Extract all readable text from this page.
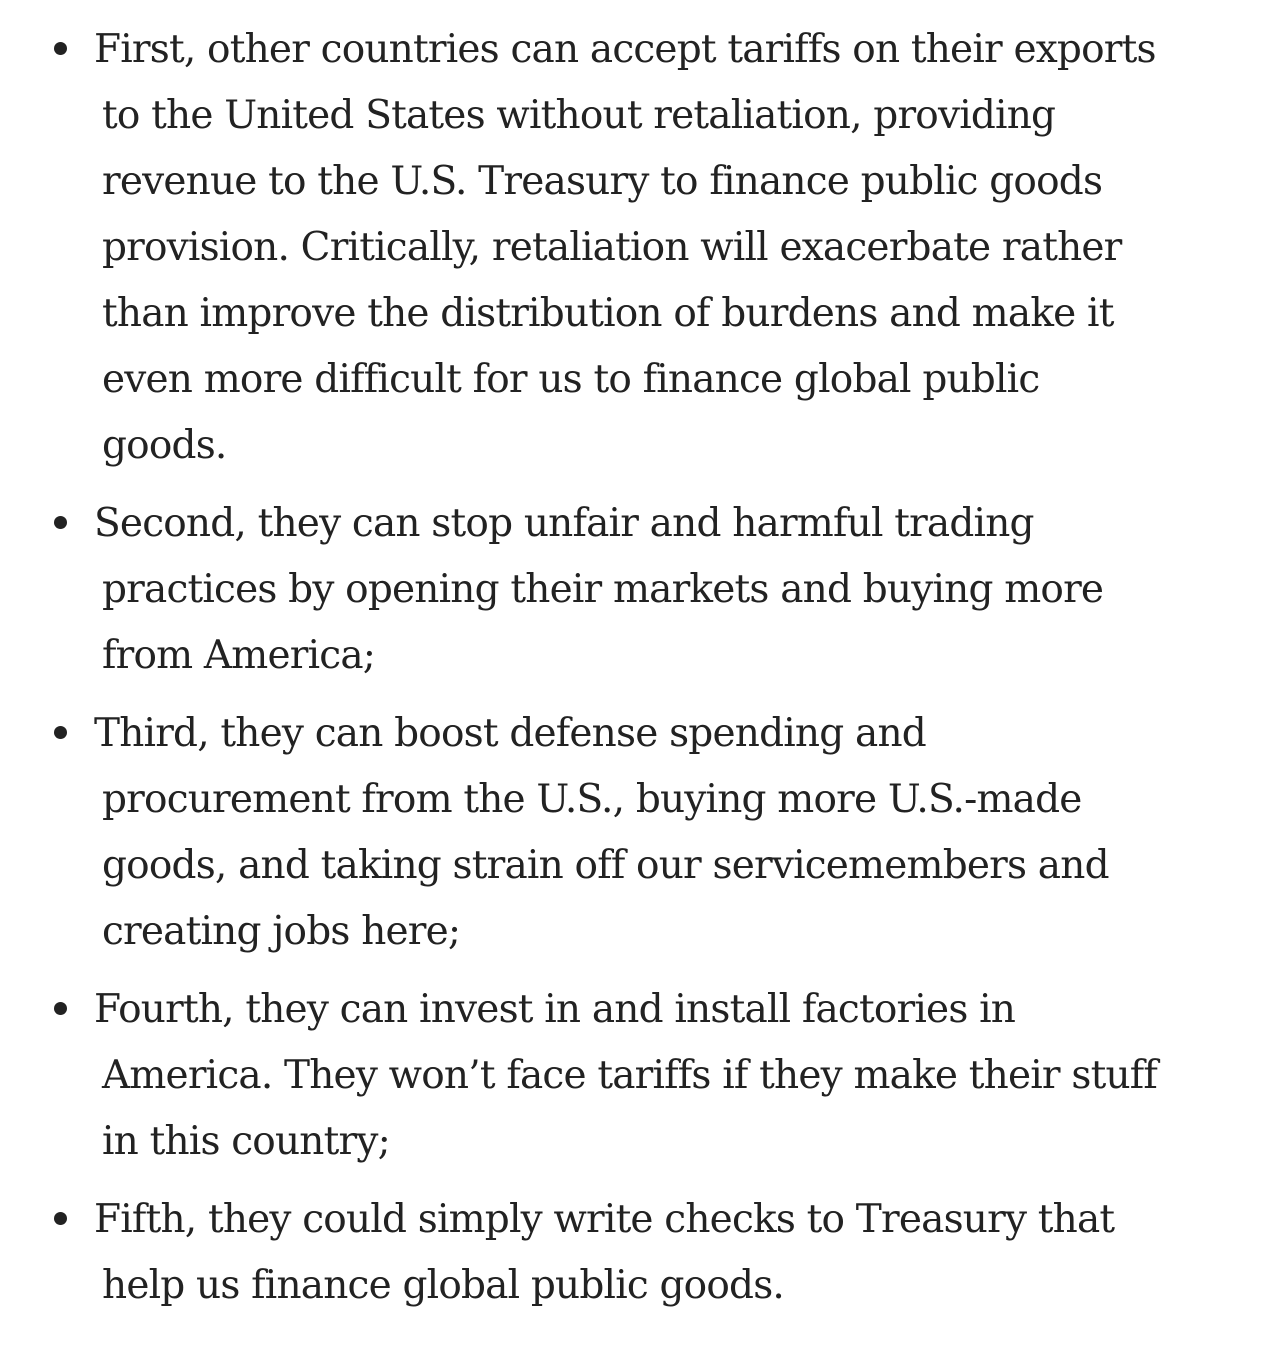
First, other countries can accept tariffs on their exports

to the United States without retaliation, providing

revenue to the U.S. Treasury to finance public goods

provision. Critically, retaliation will exacerbate rather

than improve the distribution of burdens and make it

even more difficult for us to finance global public

goods.

Second, they can stop unfair and harmful trading

practices by opening their markets and buying more

from America;

Third, they can boost defense spending and

procurement from the U.S., buying more U.S.-made

goods, and taking strain off our servicemembers and

creating jobs here;

Fourth, they can invest in and install factories in

America. They won’t face tariffs if they make their stuff

in this country;

Fifth, they could simply write checks to Treasury that

help us finance global public goods.
